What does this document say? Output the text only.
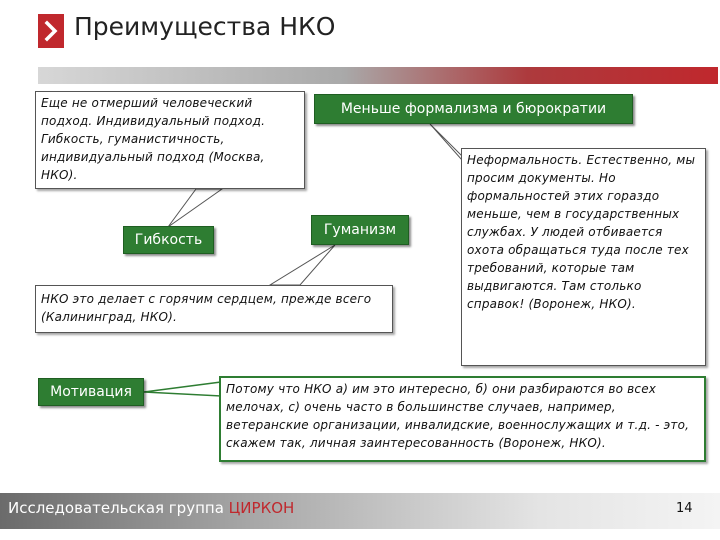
Преимущества НКО
Еще не отмерший человеческий подход. Индивидуальный подход. Гибкость, гуманистичность, индивидуальный подход (Москва, НКО).
НКО это делает с горячим сердцем, прежде всего (Калининград, НКО).
Неформальность. Естественно, мы просим документы. Но формальностей этих гораздо меньше, чем в государственных службах. У людей отбивается охота обращаться туда после тех требований, которые там выдвигаются. Там столько справок! (Воронеж, НКО).
Потому что НКО а) им это интересно, б) они разбираются во всех мелочах, с) очень часто в большинстве случаев, например, ветеранские организации, инвалидские, военнослужащих и т.д. - это, скажем так, личная заинтересованность (Воронеж, НКО).
Меньше формализма и бюрократии
Гибкость
Гуманизм
Мотивация
Исследовательская группа ЦИРКОН	14
